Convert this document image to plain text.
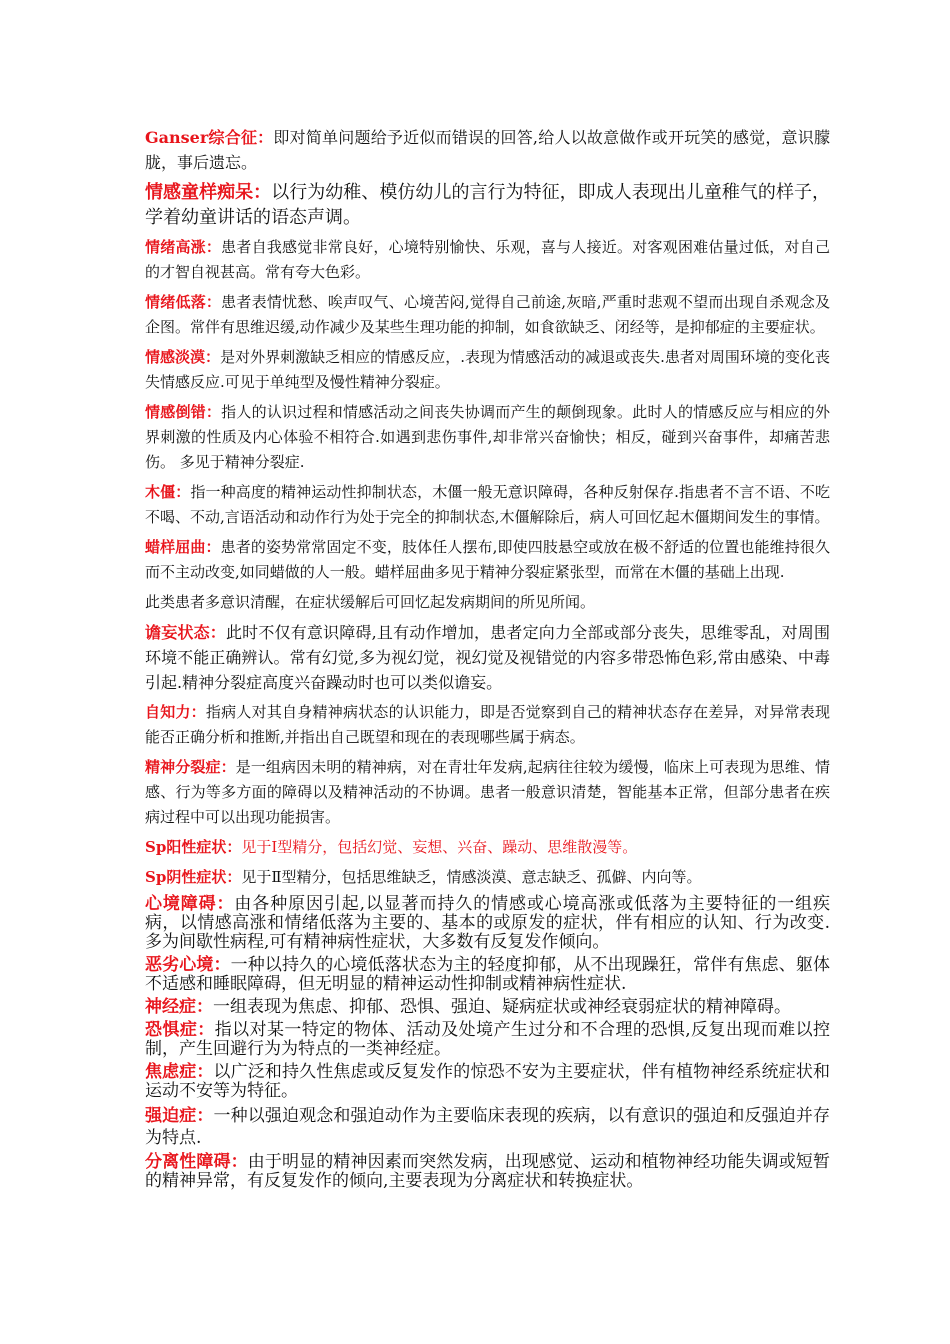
Ganser综合征：即对简单问题给予近似而错误的回答,给人以故意做作或开玩笑的感觉，意识朦胧，事后遗忘。

情感童样痴呆：以行为幼稚、模仿幼儿的言行为特征，即成人表现出儿童稚气的样子，学着幼童讲话的语态声调。

情绪高涨：患者自我感觉非常良好，心境特别愉快、乐观，喜与人接近。对客观困难估量过低，对自己的才智自视甚高。常有夸大色彩。

情绪低落：患者表情忧愁、唉声叹气、心境苦闷,觉得自己前途,灰暗,严重时悲观不望而出现自杀观念及企图。常伴有思维迟缓,动作减少及某些生理功能的抑制，如食欲缺乏、闭经等，是抑郁症的主要症状。

情感淡漠：是对外界刺激缺乏相应的情感反应，.表现为情感活动的减退或丧失.患者对周围环境的变化丧失情感反应.可见于单纯型及慢性精神分裂症。

情感倒错：指人的认识过程和情感活动之间丧失协调而产生的颠倒现象。此时人的情感反应与相应的外界刺激的性质及内心体验不相符合.如遇到悲伤事件,却非常兴奋愉快；相反，碰到兴奋事件，却痛苦悲伤。 多见于精神分裂症.

木僵：指一种高度的精神运动性抑制状态，木僵一般无意识障碍，各种反射保存.指患者不言不语、不吃不喝、不动,言语活动和动作行为处于完全的抑制状态,木僵解除后，病人可回忆起木僵期间发生的事情。

蜡样屈曲：患者的姿势常常固定不变，肢体任人摆布,即使四肢悬空或放在极不舒适的位置也能维持很久而不主动改变,如同蜡做的人一般。蜡样屈曲多见于精神分裂症紧张型，而常在木僵的基础上出现.

此类患者多意识清醒，在症状缓解后可回忆起发病期间的所见所闻。

谵妄状态：此时不仅有意识障碍,且有动作增加，患者定向力全部或部分丧失，思维零乱，对周围环境不能正确辨认。常有幻觉,多为视幻觉，视幻觉及视错觉的内容多带恐怖色彩,常由感染、中毒引起.精神分裂症高度兴奋躁动时也可以类似谵妄。

自知力：指病人对其自身精神病状态的认识能力，即是否觉察到自己的精神状态存在差异，对异常表现能否正确分析和推断,并指出自己既望和现在的表现哪些属于病态。

精神分裂症：是一组病因未明的精神病，对在青壮年发病,起病往往较为缓慢，临床上可表现为思维、情感、行为等多方面的障碍以及精神活动的不协调。患者一般意识清楚，智能基本正常，但部分患者在疾病过程中可以出现功能损害。

Sp阳性症状：见于Ⅰ型精分，包括幻觉、妄想、兴奋、躁动、思维散漫等。

Sp阴性症状：见于Ⅱ型精分，包括思维缺乏，情感淡漠、意志缺乏、孤僻、内向等。

心境障碍：由各种原因引起,以显著而持久的情感或心境高涨或低落为主要特征的一组疾病，以情感高涨和情绪低落为主要的、基本的或原发的症状，伴有相应的认知、行为改变.多为间歇性病程,可有精神病性症状，大多数有反复发作倾向。

恶劣心境：一种以持久的心境低落状态为主的轻度抑郁，从不出现躁狂，常伴有焦虑、躯体不适感和睡眠障碍，但无明显的精神运动性抑制或精神病性症状.

神经症：一组表现为焦虑、抑郁、恐惧、强迫、疑病症状或神经衰弱症状的精神障碍。

恐惧症：指以对某一特定的物体、活动及处境产生过分和不合理的恐惧,反复出现而难以控制，产生回避行为为特点的一类神经症。

焦虑症：以广泛和持久性焦虑或反复发作的惊恐不安为主要症状，伴有植物神经系统症状和运动不安等为特征。

强迫症：一种以强迫观念和强迫动作为主要临床表现的疾病，以有意识的强迫和反强迫并存为特点.

分离性障碍：由于明显的精神因素而突然发病，出现感觉、运动和植物神经功能失调或短暂的精神异常，有反复发作的倾向,主要表现为分离症状和转换症状。
